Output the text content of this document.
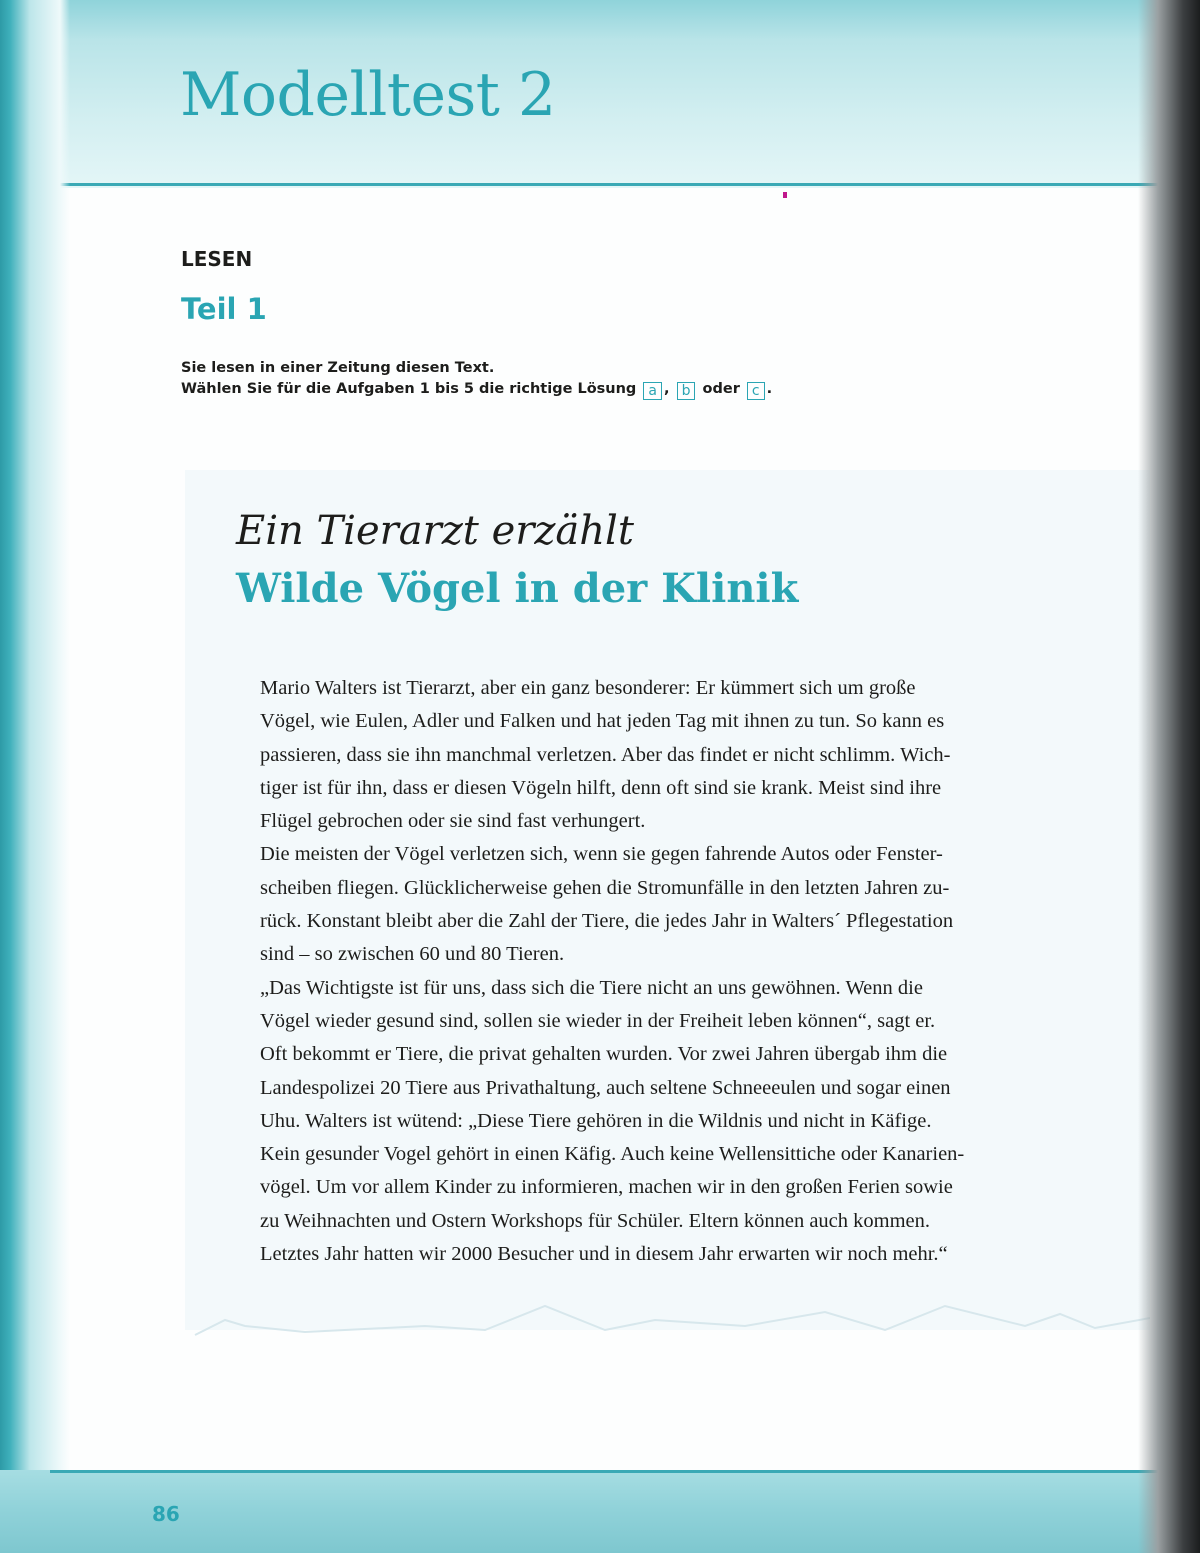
Modelltest 2
LESEN
Teil 1
Sie lesen in einer Zeitung diesen Text.
Wählen Sie für die Aufgaben 1 bis 5 die richtige Lösung a , b oder c .
Ein Tierarzt erzählt
Wilde Vögel in der Klinik
Mario Walters ist Tierarzt, aber ein ganz besonderer: Er kümmert sich um große
Vögel, wie Eulen, Adler und Falken und hat jeden Tag mit ihnen zu tun. So kann es
passieren, dass sie ihn manchmal verletzen. Aber das findet er nicht schlimm. Wich-
tiger ist für ihn, dass er diesen Vögeln hilft, denn oft sind sie krank. Meist sind ihre
Flügel gebrochen oder sie sind fast verhungert.
Die meisten der Vögel verletzen sich, wenn sie gegen fahrende Autos oder Fenster-
scheiben fliegen. Glücklicherweise gehen die Stromunfälle in den letzten Jahren zu-
rück. Konstant bleibt aber die Zahl der Tiere, die jedes Jahr in Walters´ Pflegestation
sind – so zwischen 60 und 80 Tieren.
„Das Wichtigste ist für uns, dass sich die Tiere nicht an uns gewöhnen. Wenn die
Vögel wieder gesund sind, sollen sie wieder in der Freiheit leben können“, sagt er.
Oft bekommt er Tiere, die privat gehalten wurden. Vor zwei Jahren übergab ihm die
Landespolizei 20 Tiere aus Privathaltung, auch seltene Schneeeulen und sogar einen
Uhu. Walters ist wütend: „Diese Tiere gehören in die Wildnis und nicht in Käfige.
Kein gesunder Vogel gehört in einen Käfig. Auch keine Wellensittiche oder Kanarien-
vögel. Um vor allem Kinder zu informieren, machen wir in den großen Ferien sowie
zu Weihnachten und Ostern Workshops für Schüler. Eltern können auch kommen.
Letztes Jahr hatten wir 2000 Besucher und in diesem Jahr erwarten wir noch mehr.“
86
